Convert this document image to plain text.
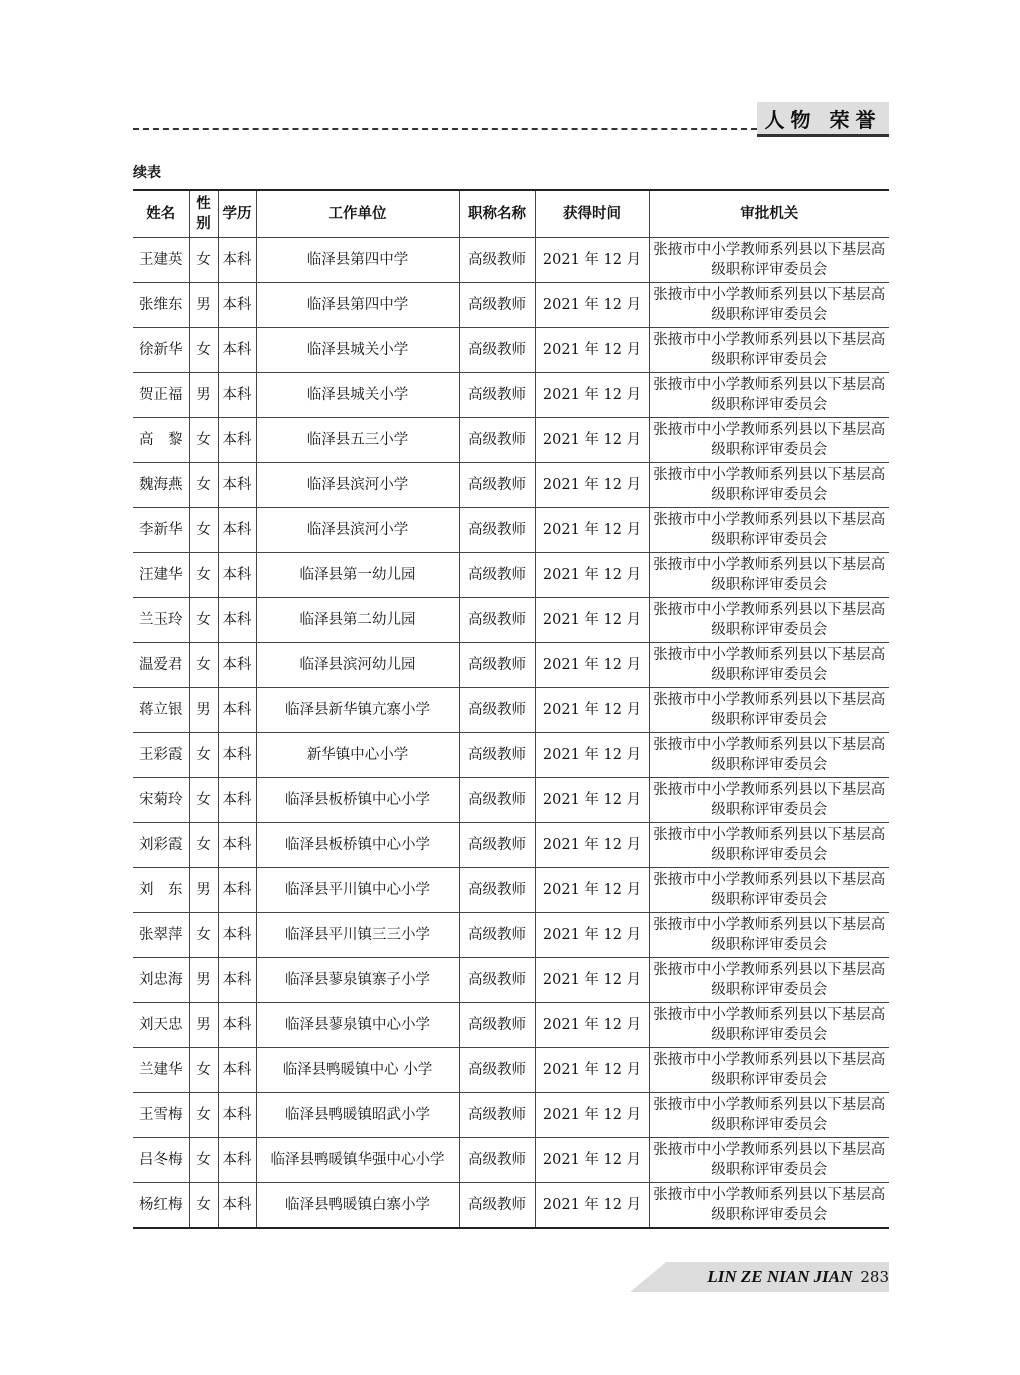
人物 荣誉
续表
姓名	性别	学历	工作单位	职称名称	获得时间	审批机关
王建英	女	本科	临泽县第四中学	高级教师	2021 年 12 月	张掖市中小学教师系列县以下基层高级职称评审委员会
张维东	男	本科	临泽县第四中学	高级教师	2021 年 12 月	张掖市中小学教师系列县以下基层高级职称评审委员会
徐新华	女	本科	临泽县城关小学	高级教师	2021 年 12 月	张掖市中小学教师系列县以下基层高级职称评审委员会
贺正福	男	本科	临泽县城关小学	高级教师	2021 年 12 月	张掖市中小学教师系列县以下基层高级职称评审委员会
高　黎	女	本科	临泽县五三小学	高级教师	2021 年 12 月	张掖市中小学教师系列县以下基层高级职称评审委员会
魏海燕	女	本科	临泽县滨河小学	高级教师	2021 年 12 月	张掖市中小学教师系列县以下基层高级职称评审委员会
李新华	女	本科	临泽县滨河小学	高级教师	2021 年 12 月	张掖市中小学教师系列县以下基层高级职称评审委员会
汪建华	女	本科	临泽县第一幼儿园	高级教师	2021 年 12 月	张掖市中小学教师系列县以下基层高级职称评审委员会
兰玉玲	女	本科	临泽县第二幼儿园	高级教师	2021 年 12 月	张掖市中小学教师系列县以下基层高级职称评审委员会
温爱君	女	本科	临泽县滨河幼儿园	高级教师	2021 年 12 月	张掖市中小学教师系列县以下基层高级职称评审委员会
蒋立银	男	本科	临泽县新华镇亢寨小学	高级教师	2021 年 12 月	张掖市中小学教师系列县以下基层高级职称评审委员会
王彩霞	女	本科	新华镇中心小学	高级教师	2021 年 12 月	张掖市中小学教师系列县以下基层高级职称评审委员会
宋菊玲	女	本科	临泽县板桥镇中心小学	高级教师	2021 年 12 月	张掖市中小学教师系列县以下基层高级职称评审委员会
刘彩霞	女	本科	临泽县板桥镇中心小学	高级教师	2021 年 12 月	张掖市中小学教师系列县以下基层高级职称评审委员会
刘　东	男	本科	临泽县平川镇中心小学	高级教师	2021 年 12 月	张掖市中小学教师系列县以下基层高级职称评审委员会
张翠萍	女	本科	临泽县平川镇三三小学	高级教师	2021 年 12 月	张掖市中小学教师系列县以下基层高级职称评审委员会
刘忠海	男	本科	临泽县蓼泉镇寨子小学	高级教师	2021 年 12 月	张掖市中小学教师系列县以下基层高级职称评审委员会
刘天忠	男	本科	临泽县蓼泉镇中心小学	高级教师	2021 年 12 月	张掖市中小学教师系列县以下基层高级职称评审委员会
兰建华	女	本科	临泽县鸭暖镇中心 小学	高级教师	2021 年 12 月	张掖市中小学教师系列县以下基层高级职称评审委员会
王雪梅	女	本科	临泽县鸭暖镇昭武小学	高级教师	2021 年 12 月	张掖市中小学教师系列县以下基层高级职称评审委员会
吕冬梅	女	本科	临泽县鸭暖镇华强中心小学	高级教师	2021 年 12 月	张掖市中小学教师系列县以下基层高级职称评审委员会
杨红梅	女	本科	临泽县鸭暖镇白寨小学	高级教师	2021 年 12 月	张掖市中小学教师系列县以下基层高级职称评审委员会
LIN ZE NIAN JIAN 283
